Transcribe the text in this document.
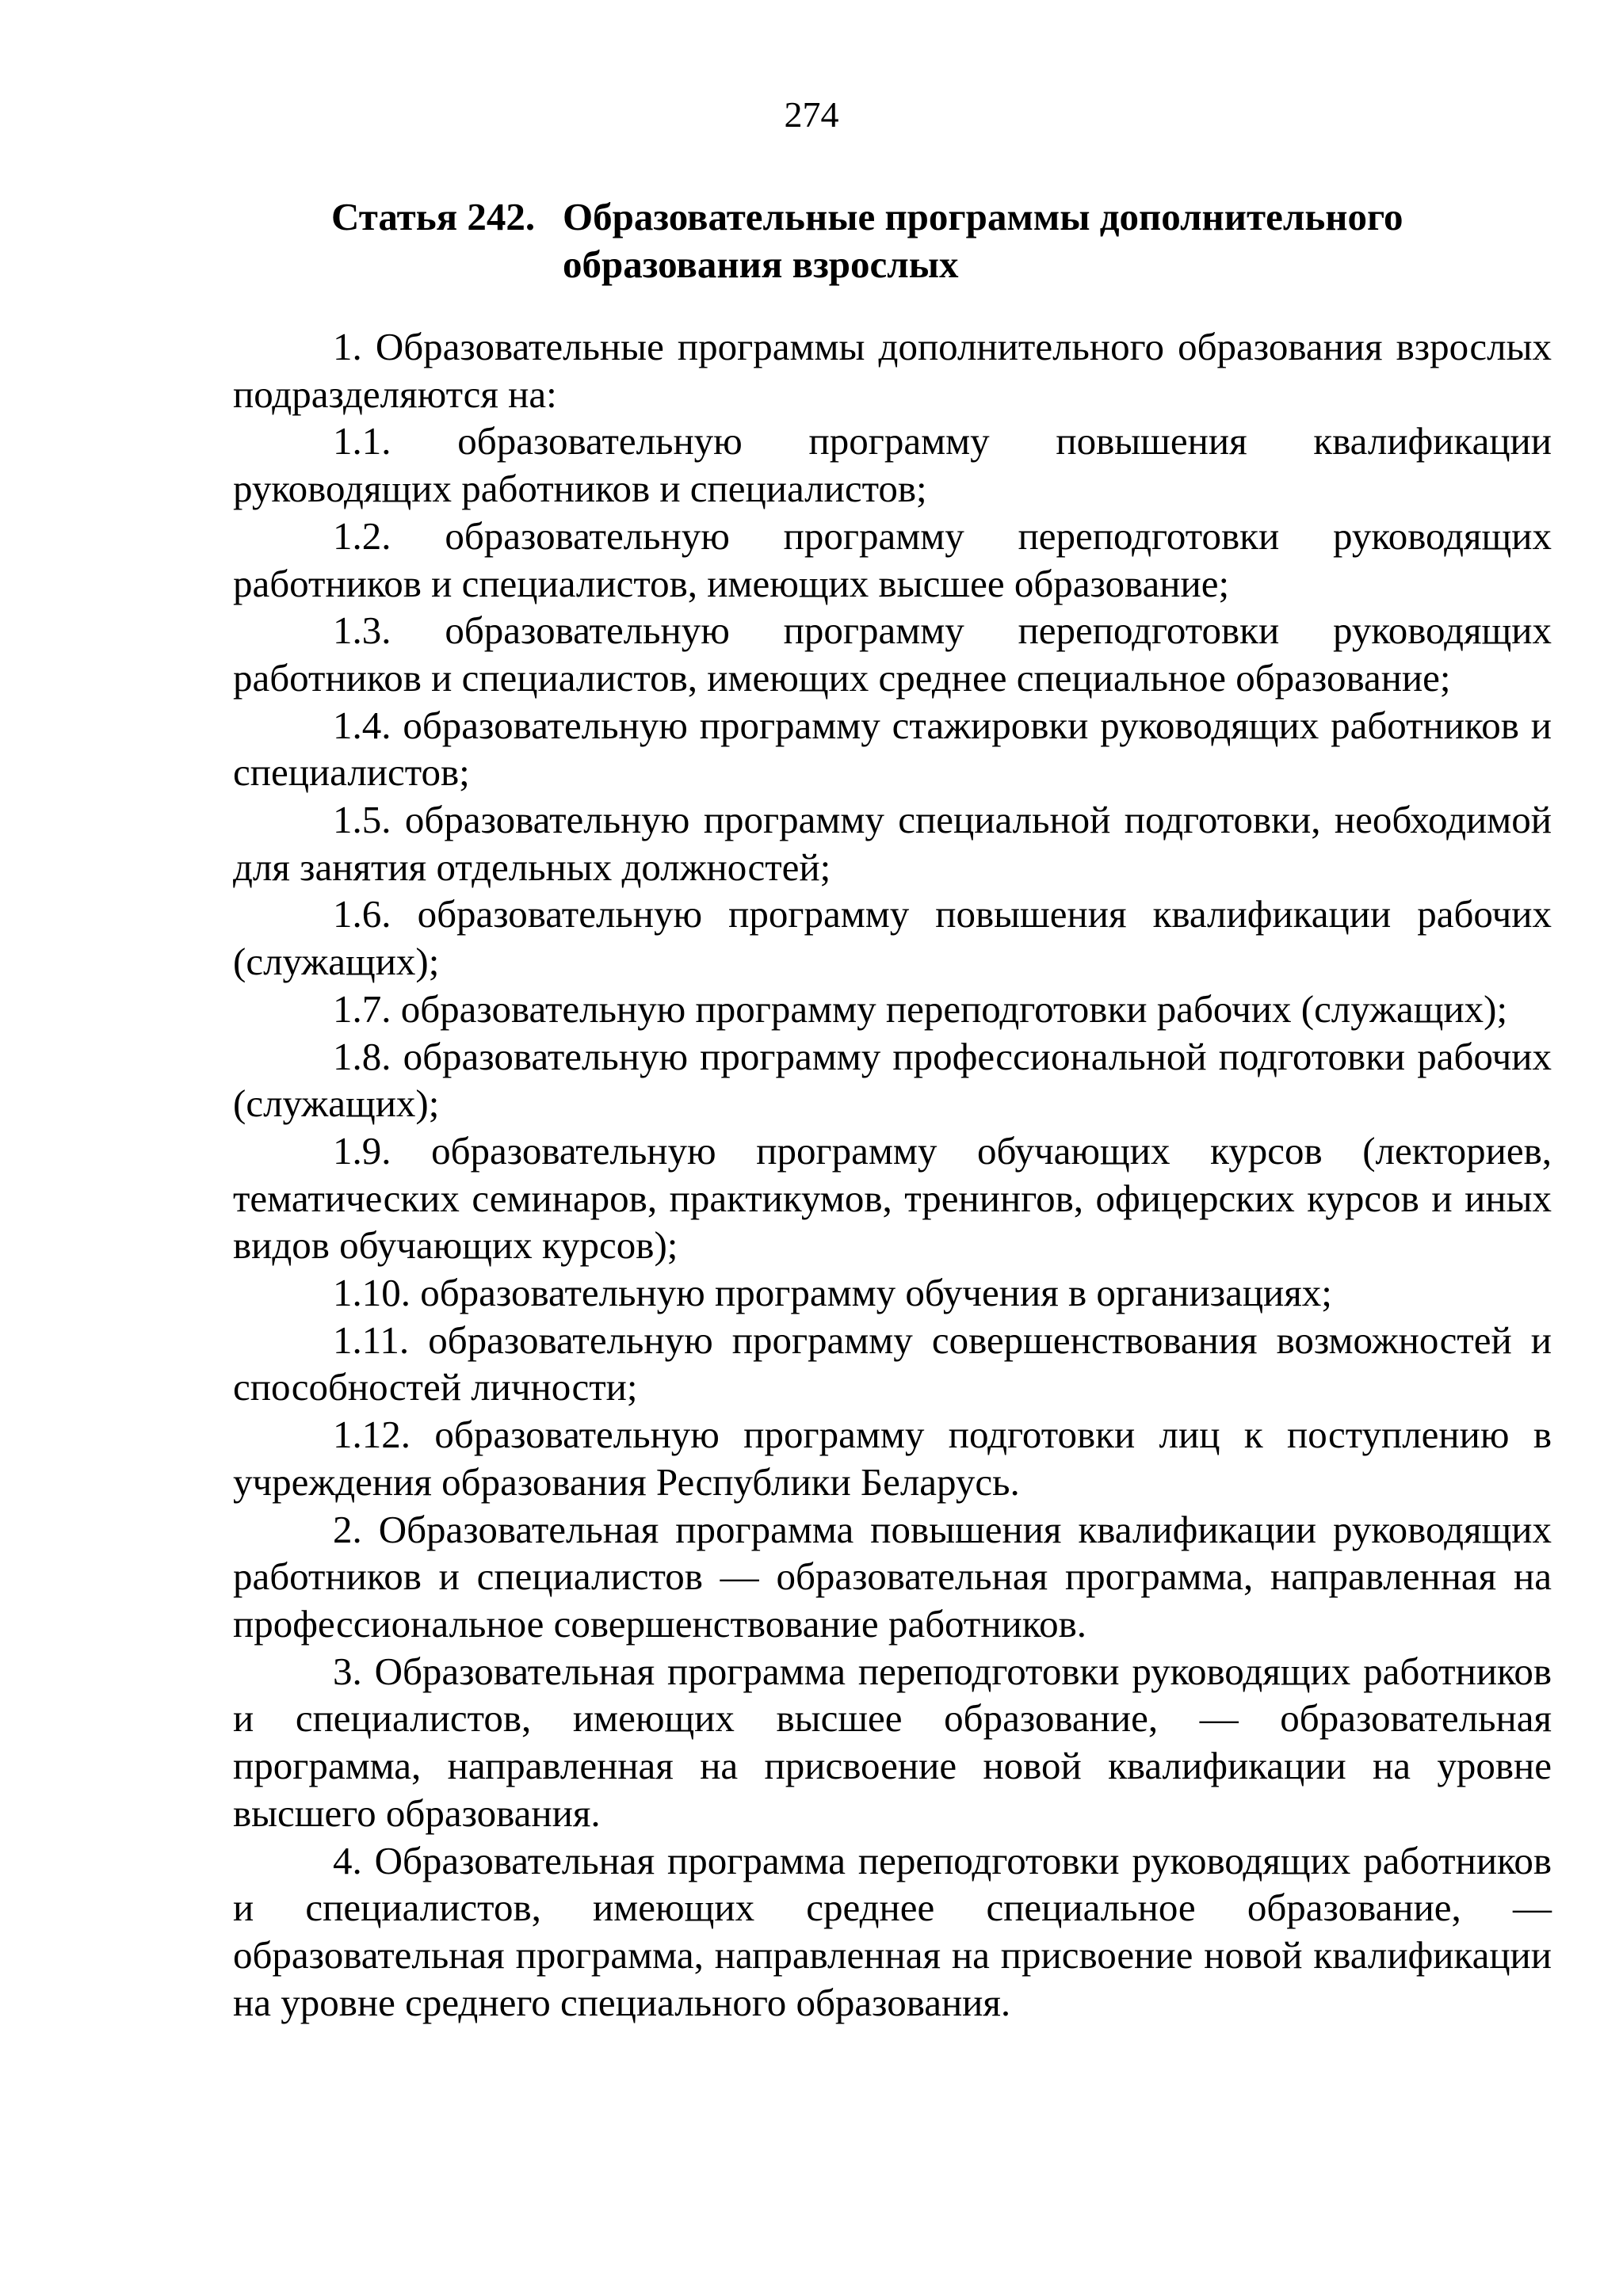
274
Статья 242. Образовательные программы дополнительного
образования взрослых

1. Образовательные программы дополнительного образования взрослых подразделяются на:

1.1. образовательную программу повышения квалификации руководящих работников и специалистов;

1.2. образовательную программу переподготовки руководящих работников и специалистов, имеющих высшее образование;

1.3. образовательную программу переподготовки руководящих работников и специалистов, имеющих среднее специальное образование;

1.4. образовательную программу стажировки руководящих работников и специалистов;

1.5. образовательную программу специальной подготовки, необходимой для занятия отдельных должностей;

1.6. образовательную программу повышения квалификации рабочих (служащих);

1.7. образовательную программу переподготовки рабочих (служащих);

1.8. образовательную программу профессиональной подготовки рабочих (служащих);

1.9. образовательную программу обучающих курсов (лекториев, тематических семинаров, практикумов, тренингов, офицерских курсов и иных видов обучающих курсов);

1.10. образовательную программу обучения в организациях;

1.11. образовательную программу совершенствования возможностей и способностей личности;

1.12. образовательную программу подготовки лиц к поступлению в учреждения образования Республики Беларусь.

2. Образовательная программа повышения квалификации руководящих работников и специалистов — образовательная программа, направленная на профессиональное совершенствование работников.

3. Образовательная программа переподготовки руководящих работников и специалистов, имеющих высшее образование, — образовательная программа, направленная на присвоение новой квалификации на уровне высшего образования.

4. Образовательная программа переподготовки руководящих работников и специалистов, имеющих среднее специальное образование, — образовательная программа, направленная на присвоение новой квалификации на уровне среднего специального образования.
